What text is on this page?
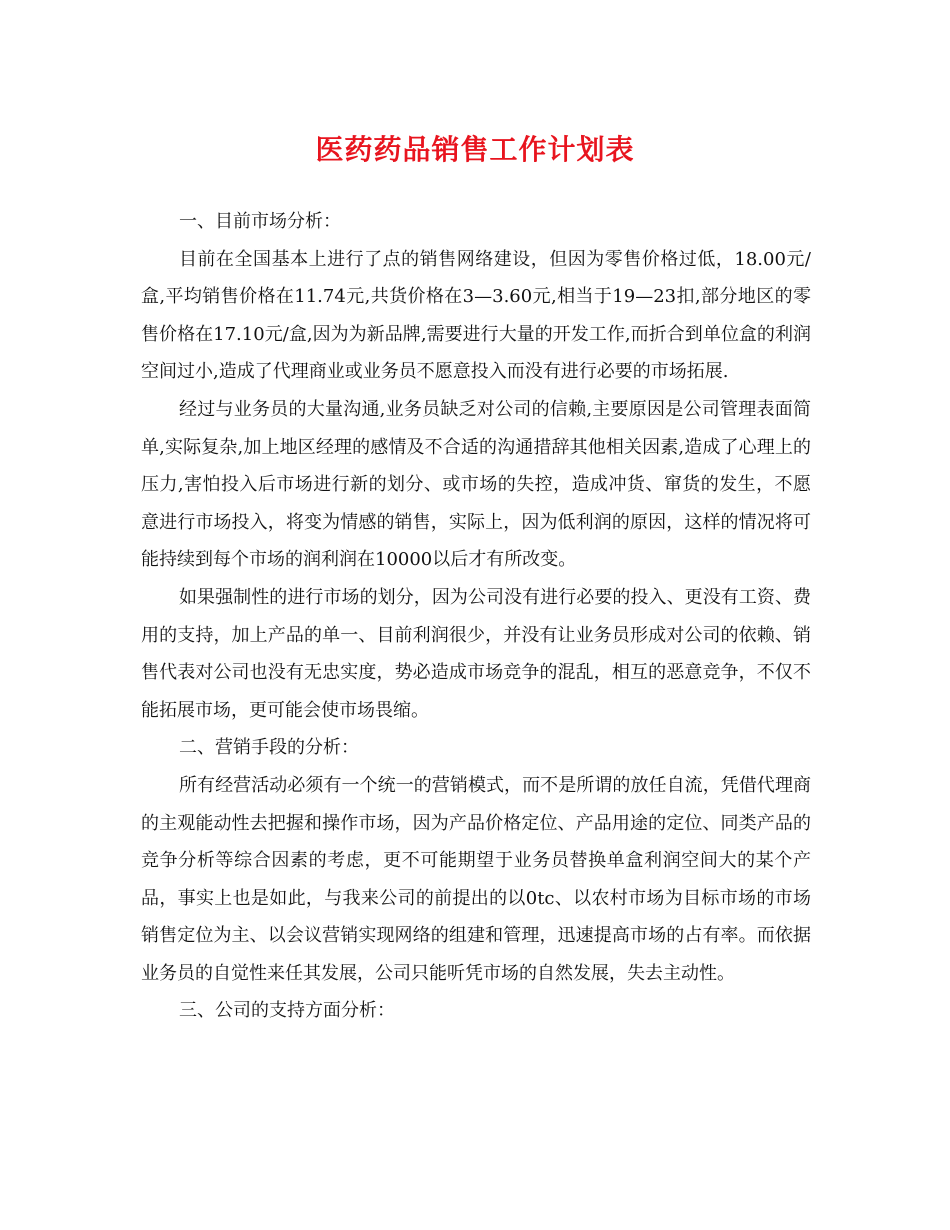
医药药品销售工作计划表

一、目前市场分析：

目前在全国基本上进行了点的销售网络建设，但因为零售价格过低，18.00元/盒,平均销售价格在11.74元,共货价格在3—3.60元,相当于19—23扣,部分地区的零售价格在17.10元/盒,因为为新品牌,需要进行大量的开发工作,而折合到单位盒的利润空间过小,造成了代理商业或业务员不愿意投入而没有进行必要的市场拓展.

经过与业务员的大量沟通,业务员缺乏对公司的信赖,主要原因是公司管理表面简单,实际复杂,加上地区经理的感情及不合适的沟通措辞其他相关因素,造成了心理上的压力,害怕投入后市场进行新的划分、或市场的失控，造成冲货、窜货的发生，不愿意进行市场投入，将变为情感的销售，实际上，因为低利润的原因，这样的情况将可能持续到每个市场的润利润在10000以后才有所改变。

如果强制性的进行市场的划分，因为公司没有进行必要的投入、更没有工资、费用的支持，加上产品的单一、目前利润很少，并没有让业务员形成对公司的依赖、销售代表对公司也没有无忠实度，势必造成市场竞争的混乱，相互的恶意竞争，不仅不能拓展市场，更可能会使市场畏缩。

二、营销手段的分析：

所有经营活动必须有一个统一的营销模式，而不是所谓的放任自流，凭借代理商的主观能动性去把握和操作市场，因为产品价格定位、产品用途的定位、同类产品的竞争分析等综合因素的考虑，更不可能期望于业务员替换单盒利润空间大的某个产品，事实上也是如此，与我来公司的前提出的以0tc、以农村市场为目标市场的市场销售定位为主、以会议营销实现网络的组建和管理，迅速提高市场的占有率。而依据业务员的自觉性来任其发展，公司只能听凭市场的自然发展，失去主动性。

三、公司的支持方面分析：
